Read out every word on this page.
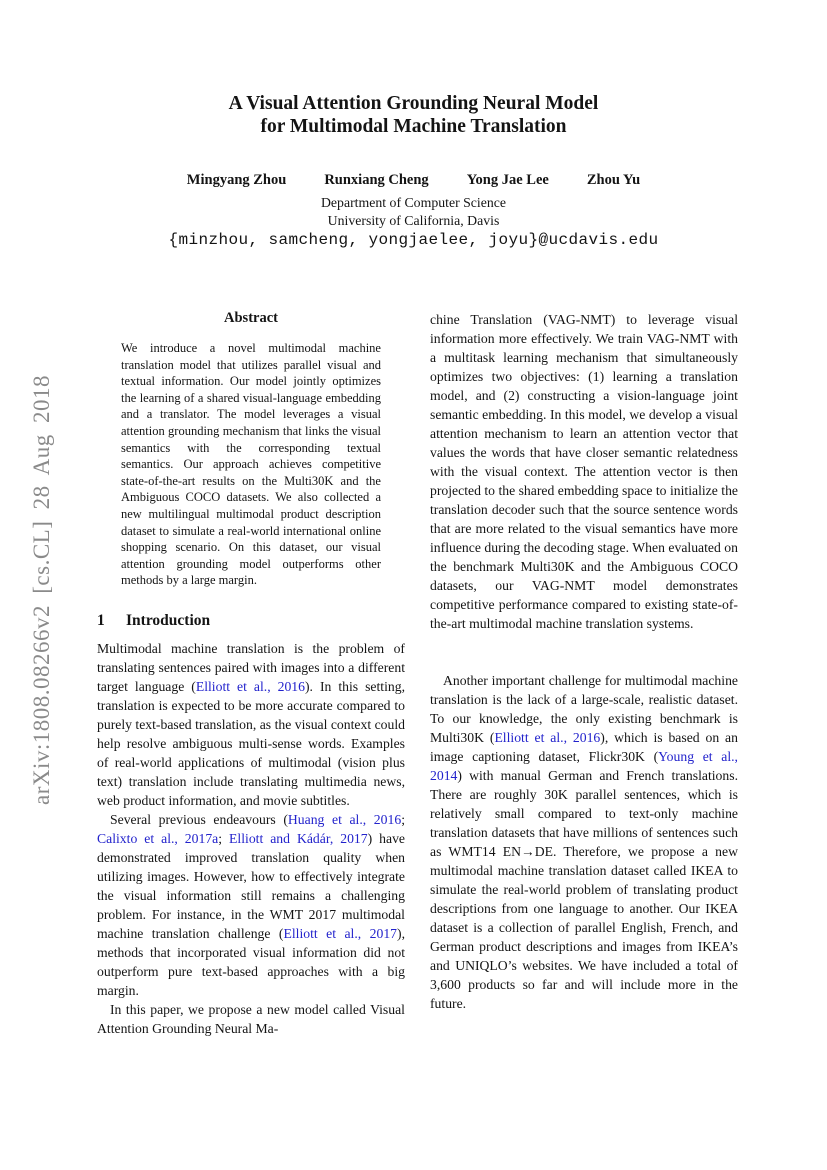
arXiv:1808.08266v2 [cs.CL] 28 Aug 2018
A Visual Attention Grounding Neural Model
for Multimodal Machine Translation
Mingyang Zhou	Runxiang Cheng	Yong Jae Lee	Zhou Yu
Department of Computer Science
University of California, Davis
{minzhou, samcheng, yongjaelee, joyu}@ucdavis.edu
Abstract

We introduce a novel multimodal machine translation model that utilizes parallel visual and textual information. Our model jointly optimizes the learning of a shared visual-language embedding and a translator. The model leverages a visual attention grounding mechanism that links the visual semantics with the corresponding textual semantics. Our approach achieves competitive state-of-the-art results on the Multi30K and the Ambiguous COCO datasets. We also collected a new multilingual multimodal product description dataset to simulate a real-world international online shopping scenario. On this dataset, our visual attention grounding model outperforms other methods by a large margin.

1 Introduction

Multimodal machine translation is the problem of translating sentences paired with images into a different target language (Elliott et al., 2016). In this setting, translation is expected to be more accurate compared to purely text-based translation, as the visual context could help resolve ambiguous multi-sense words. Examples of real-world applications of multimodal (vision plus text) translation include translating multimedia news, web product information, and movie subtitles.

Several previous endeavours (Huang et al., 2016; Calixto et al., 2017a; Elliott and Kádár, 2017) have demonstrated improved translation quality when utilizing images. However, how to effectively integrate the visual information still remains a challenging problem. For instance, in the WMT 2017 multimodal machine translation challenge (Elliott et al., 2017), methods that incorporated visual information did not outperform pure text-based approaches with a big margin.

In this paper, we propose a new model called Visual Attention Grounding Neural Ma-

chine Translation (VAG-NMT) to leverage visual information more effectively. We train VAG-NMT with a multitask learning mechanism that simultaneously optimizes two objectives: (1) learning a translation model, and (2) constructing a vision-language joint semantic embedding. In this model, we develop a visual attention mechanism to learn an attention vector that values the words that have closer semantic relatedness with the visual context. The attention vector is then projected to the shared embedding space to initialize the translation decoder such that the source sentence words that are more related to the visual semantics have more influence during the decoding stage. When evaluated on the benchmark Multi30K and the Ambiguous COCO datasets, our VAG-NMT model demonstrates competitive performance compared to existing state-of-the-art multimodal machine translation systems.

Another important challenge for multimodal machine translation is the lack of a large-scale, realistic dataset. To our knowledge, the only existing benchmark is Multi30K (Elliott et al., 2016), which is based on an image captioning dataset, Flickr30K (Young et al., 2014) with manual German and French translations. There are roughly 30K parallel sentences, which is relatively small compared to text-only machine translation datasets that have millions of sentences such as WMT14 EN→DE. Therefore, we propose a new multimodal machine translation dataset called IKEA to simulate the real-world problem of translating product descriptions from one language to another. Our IKEA dataset is a collection of parallel English, French, and German product descriptions and images from IKEA’s and UNIQLO’s websites. We have included a total of 3,600 products so far and will include more in the future.
